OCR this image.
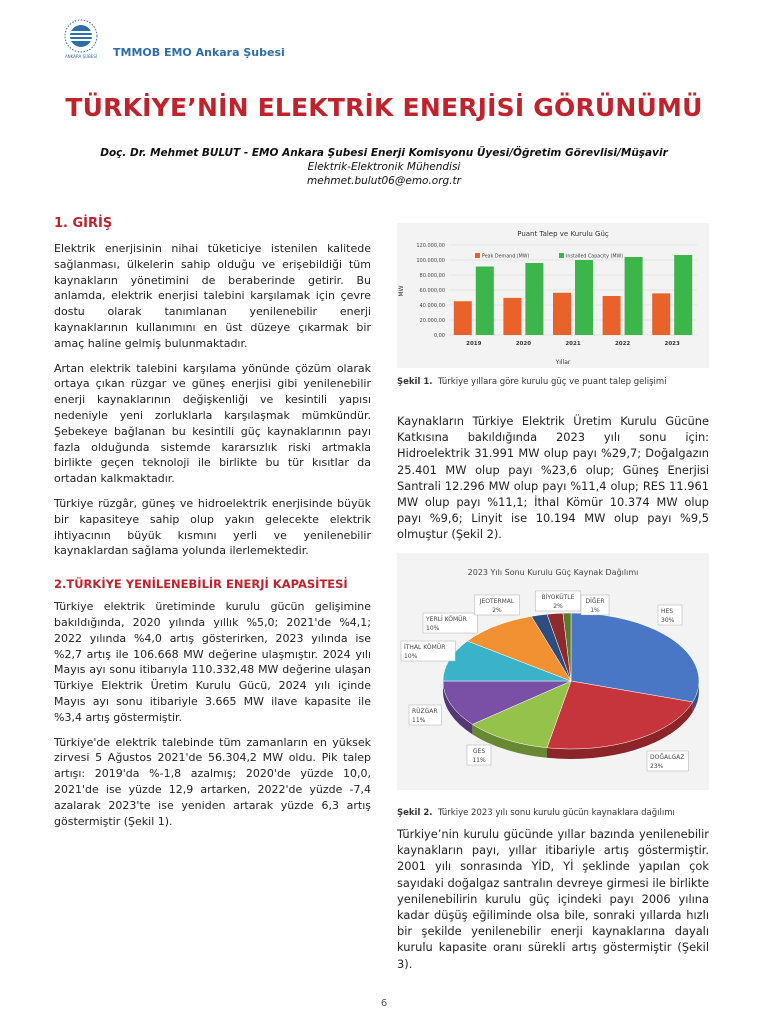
ANKARA ŞUBESİ TMMOB EMO Ankara Şubesi
TÜRKİYE’NİN ELEKTRİK ENERJİSİ GÖRÜNÜMÜ
Doç. Dr. Mehmet BULUT - EMO Ankara Şubesi Enerji Komisyonu Üyesi/Öğretim Görevlisi/Müşavir
Elektrik-Elektronik Mühendisi
mehmet.bulut06@emo.org.tr
1. GİRİŞ

Elektrik enerjisinin nihai tüketiciye istenilen kalitede sağlanması, ülkelerin sahip olduğu ve erişebildiği tüm kaynakların yönetimini de beraberinde getirir. Bu anlamda, elektrik enerjisi talebini karşılamak için çevre dostu olarak tanımlanan yenilenebilir enerji kaynaklarının kullanımını en üst düzeye çıkarmak bir amaç haline gelmiş bulunmaktadır.

Artan elektrik talebini karşılama yönünde çözüm olarak ortaya çıkan rüzgar ve güneş enerjisi gibi yenilenebilir enerji kaynaklarının değişkenliği ve kesintili yapısı nedeniyle yeni zorluklarla karşılaşmak mümkündür. Şebekeye bağlanan bu kesintili güç kaynaklarının payı fazla olduğunda sistemde kararsızlık riski artmakla birlikte geçen teknoloji ile birlikte bu tür kısıtlar da ortadan kalkmaktadır.

Türkiye rüzgâr, güneş ve hidroelektrik enerjisinde büyük bir kapasiteye sahip olup yakın gelecekte elektrik ihtiyacının büyük kısmını yerli ve yenilenebilir kaynaklardan sağlama yolunda ilerlemektedir.

2.TÜRKİYE YENİLENEBİLİR ENERJİ KAPASİTESİ

Türkiye elektrik üretiminde kurulu gücün gelişimine bakıldığında, 2020 yılında yıllık %5,0; 2021'de %4,1; 2022 yılında %4,0 artış gösterirken, 2023 yılında ise %2,7 artış ile 106.668 MW değerine ulaşmıştır. 2024 yılı Mayıs ayı sonu itibarıyla 110.332,48 MW değerine ulaşan Türkiye Elektrik Üretim Kurulu Gücü, 2024 yılı içinde Mayıs ayı sonu itibariyle 3.665 MW ilave kapasite ile %3,4 artış göstermiştir.

Türkiye'de elektrik talebinde tüm zamanların en yüksek zirvesi 5 Ağustos 2021'de 56.304,2 MW oldu. Pik talep artışı: 2019'da %-1,8 azalmış; 2020'de yüzde 10,0, 2021'de ise yüzde 12,9 artarken, 2022'de yüzde -7,4 azalarak 2023'te ise yeniden artarak yüzde 6,3 artış göstermiştir (Şekil 1).

Puant Talep ve Kurulu Güç
Peak Demand (MW)	Installed Capacity (MW)
0,00
20.000,00
40.000,00
60.000,00
80.000,00
100.000,00
120.000,00
2019	2020	2021	2022	2023
MW
Yıllar
Şekil 1. Türkiye yıllara göre kurulu güç ve puant talep gelişimi

Kaynakların Türkiye Elektrik Üretim Kurulu Gücüne Katkısına bakıldığında 2023 yılı sonu için: Hidroelektrik 31.991 MW olup payı %29,7; Doğalgazın 25.401 MW olup payı %23,6 olup; Güneş Enerjisi Santrali 12.296 MW olup payı %11,4 olup; RES 11.961 MW olup payı %11,1; İthal Kömür 10.374 MW olup payı %9,6; Linyit ise 10.194 MW olup payı %9,5 olmuştur (Şekil 2).

2023 Yılı Sonu Kurulu Güç Kaynak Dağılımı
HES
30%
DOĞALGAZ
23%
GES
11%
RÜZGAR
11%
İTHAL KÖMÜR
10%
YERLİ KÖMÜR
10%
JEOTERMAL
2%
BİYOKÜTLE
2%
DİĞER
1%
Şekil 2. Türkiye 2023 yılı sonu kurulu gücün kaynaklara dağılımı

Türkiye’nin kurulu gücünde yıllar bazında yenilenebilir kaynakların payı, yıllar itibariyle artış göstermiştir. 2001 yılı sonrasında YİD, Yİ şeklinde yapılan çok sayıdaki doğalgaz santralın devreye girmesi ile birlikte yenilenebilirin kurulu güç içindeki payı 2006 yılına kadar düşüş eğiliminde olsa bile, sonraki yıllarda hızlı bir şekilde yenilenebilir enerji kaynaklarına dayalı kurulu kapasite oranı sürekli artış göstermiştir (Şekil 3).

6
